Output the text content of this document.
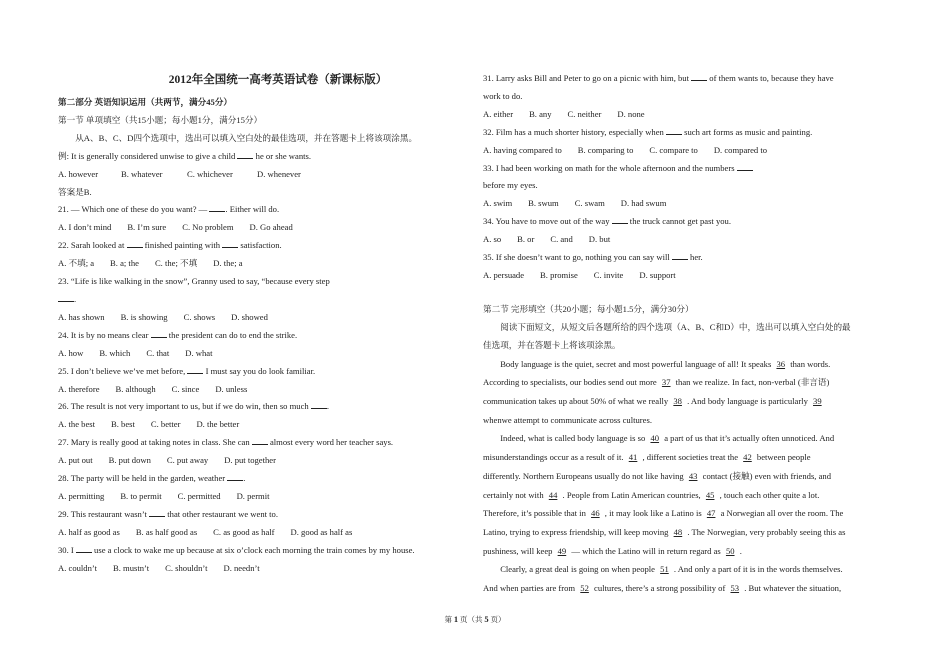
2012年全国统一高考英语试卷（新课标版）
第二部分 英语知识运用（共两节，满分45分）
第一节 单项填空（共15小题；每小题1分，满分15分）
从A、B、C、D四个选项中，选出可以填入空白处的最佳选项，并在答题卡上将该项涂黑。
例: It is generally considered unwise to give a child he or she wants.
A. however	B. whatever	C. whichever	D. whenever
答案是B.
21. — Which one of these do you want? — . Either will do.
A. I don’t mind B. I’m sure C. No problem D. Go ahead
22. Sarah looked at  finished painting with  satisfaction.
A. 不填; a B. a; the C. the; 不填 D. the; a
23. “Life is like walking in the snow”, Granny used to say, “because every step
.
A. has shown B. is showing C. shows D. showed
24. It is by no means clear  the president can do to end the strike.
A. how B. which C. that D. what
25. I don’t believe we’ve met before,  I must say you do look familiar.
A. therefore B. although C. since D. unless
26. The result is not very important to us, but if we do win, then so much .
A. the best B. best C. better D. the better
27. Mary is really good at taking notes in class. She can  almost every word her teacher says.
A. put out B. put down C. put away D. put together
28. The party will be held in the garden, weather .
A. permitting B. to permit C. permitted D. permit
29. This restaurant wasn’t  that other restaurant we went to.
A. half as good as B. as half good as C. as good as half D. good as half as
30. I  use a clock to wake me up because at six o’clock each morning the train comes by my house.
A. couldn’t B. mustn’t C. shouldn’t D. needn’t
31. Larry asks Bill and Peter to go on a picnic with him, but  of them wants to, because they have
work to do.
A. either B. any C. neither D. none
32. Film has a much shorter history, especially when  such art forms as music and painting.
A. having compared to B. comparing to C. compare to D. compared to
33. I had been working on math for the whole afternoon and the numbers
before my eyes.
A. swim B. swum C. swam D. had swum
34. You have to move out of the way  the truck cannot get past you.
A. so B. or C. and D. but
35. If she doesn’t want to go, nothing you can say will  her.
A. persuade B. promise C. invite D. support
第二节 完形填空（共20小题；每小题1.5分，满分30分）
阅读下面短文，从短文后各题所给的四个选项（A、B、C和D）中，选出可以填入空白处的最
佳选项，并在答题卡上将该项涂黑。
Body language is the quiet, secret and most powerful language of all! It speaks 36 than words.
According to specialists, our bodies send out more 37 than we realize. In fact, non-verbal (非言语)
communication takes up about 50% of what we really 38 . And body language is particularly 39
whenwe attempt to communicate across cultures.
Indeed, what is called body language is so 40 a part of us that it’s actually often unnoticed. And
misunderstandings occur as a result of it. 41 , different societies treat the 42 between people
differently. Northern Europeans usually do not like having 43 contact (接触) even with friends, and
certainly not with 44 . People from Latin American countries, 45 , touch each other quite a lot.
Therefore, it’s possible that in 46 , it may look like a Latino is 47 a Norwegian all over the room. The
Latino, trying to express friendship, will keep moving 48 . The Norwegian, very probably seeing this as
pushiness, will keep 49 — which the Latino will in return regard as 50 .
Clearly, a great deal is going on when people 51 . And only a part of it is in the words themselves.
And when parties are from 52 cultures, there’s a strong possibility of 53 . But whatever the situation,
第 1 页（共 5 页）
